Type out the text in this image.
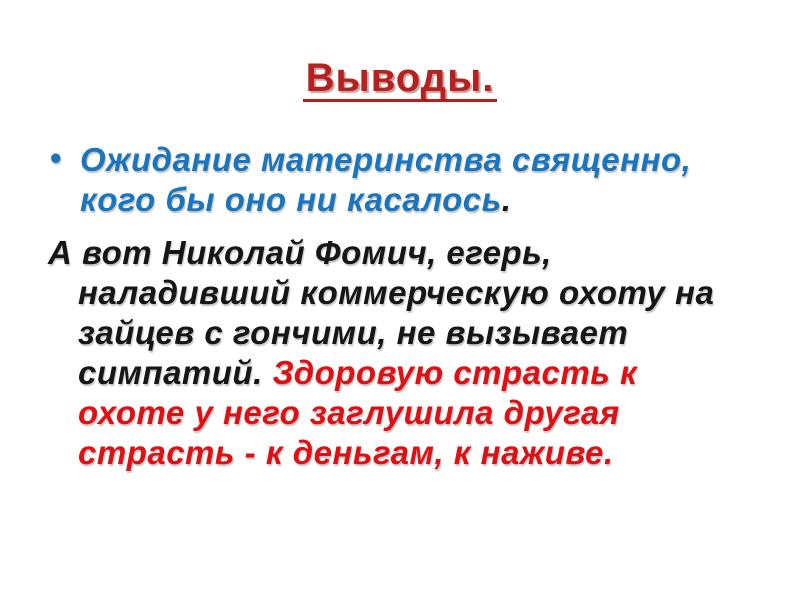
Выводы.
• Ожидание материнства священно,
кого бы оно ни касалось.
А вот Николай Фомич, егерь,
наладивший коммерческую охоту на
зайцев с гончими, не вызывает
симпатий. Здоровую страсть к
охоте у него заглушила другая
страсть - к деньгам, к наживе.
